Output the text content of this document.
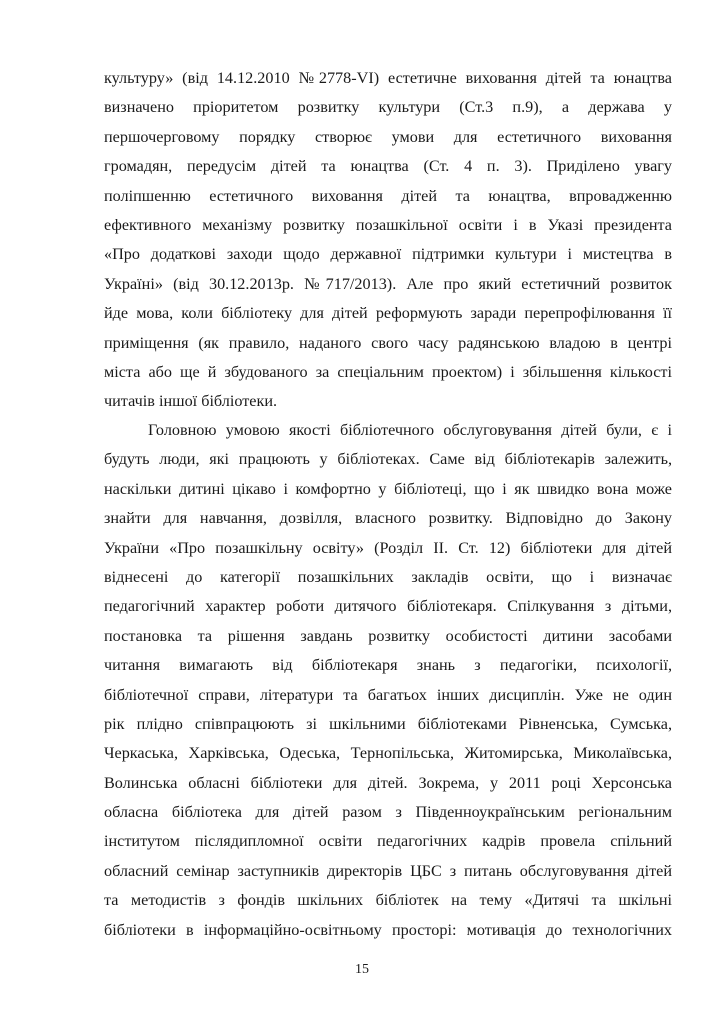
культуру» (від 14.12.2010 №2778-VI) естетичне виховання дітей та юнацтва
визначено пріоритетом розвитку культури (Ст.3 п.9), а держава у
першочерговому порядку створює умови для естетичного виховання
громадян, передусім дітей та юнацтва (Ст. 4 п. 3). Приділено увагу
поліпшенню естетичного виховання дітей та юнацтва, впровадженню
ефективного механізму розвитку позашкільної освіти і в Указі президента
«Про додаткові заходи щодо державної підтримки культури і мистецтва в
Україні» (від 30.12.2013р. №717/2013). Але про який естетичний розвиток
йде мова, коли бібліотеку для дітей реформують заради перепрофілювання її
приміщення (як правило, наданого свого часу радянською владою в центрі
міста або ще й збудованого за спеціальним проектом) і збільшення кількості
читачів іншої бібліотеки.
Головною умовою якості бібліотечного обслуговування дітей були, є і
будуть люди, які працюють у бібліотеках. Саме від бібліотекарів залежить,
наскільки дитині цікаво і комфортно у бібліотеці, що і як швидко вона може
знайти для навчання, дозвілля, власного розвитку. Відповідно до Закону
України «Про позашкільну освіту» (Розділ ІІ. Ст. 12) бібліотеки для дітей
віднесені до категорії позашкільних закладів освіти, що і визначає
педагогічний характер роботи дитячого бібліотекаря. Спілкування з дітьми,
постановка та рішення завдань розвитку особистості дитини засобами
читання вимагають від бібліотекаря знань з педагогіки, психології,
бібліотечної справи, літератури та багатьох інших дисциплін. Уже не один
рік плідно співпрацюють зі шкільними бібліотеками Рівненська, Сумська,
Черкаська, Харківська, Одеська, Тернопільська, Житомирська, Миколаївська,
Волинська обласні бібліотеки для дітей. Зокрема, у 2011 році Херсонська
обласна бібліотека для дітей разом з Південноукраїнським регіональним
інститутом післядипломної освіти педагогічних кадрів провела спільний
обласний семінар заступників директорів ЦБС з питань обслуговування дітей
та методистів з фондів шкільних бібліотек на тему «Дитячі та шкільні
бібліотеки в інформаційно-освітньому просторі: мотивація до технологічних
15
